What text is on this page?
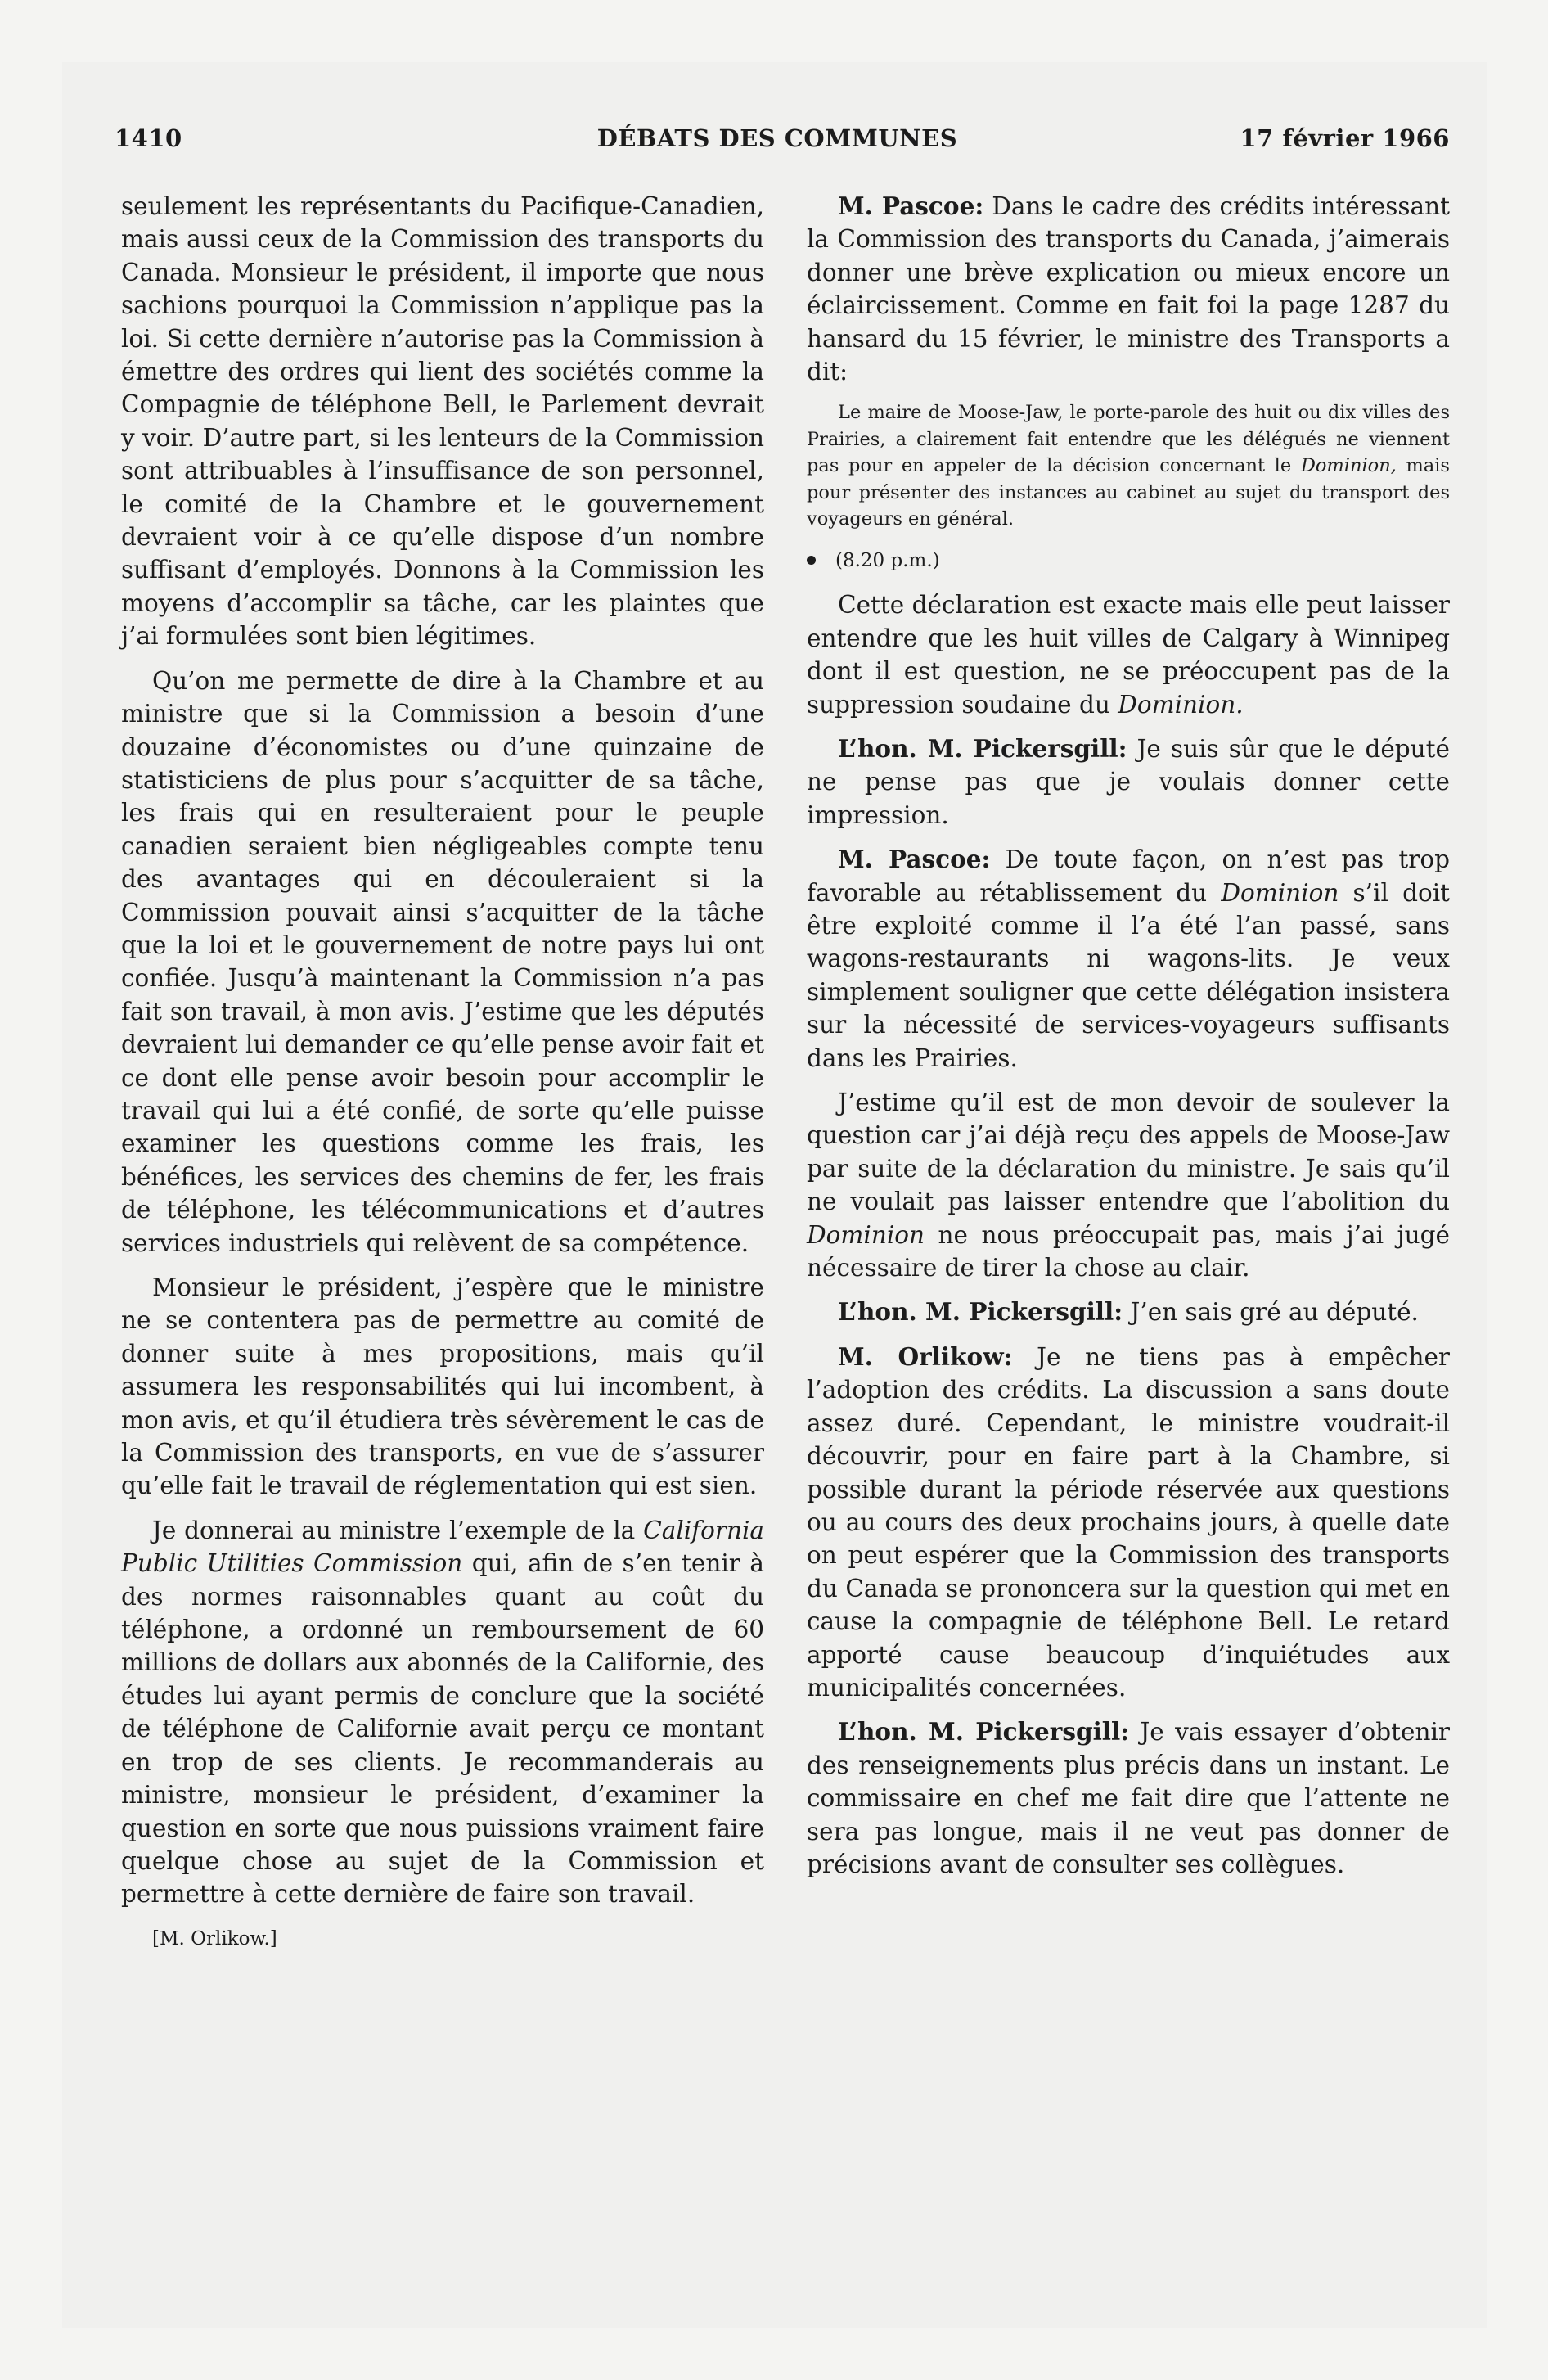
1410	DÉBATS DES COMMUNES	17 février 1966

seulement les représentants du Pacifique-Canadien, mais aussi ceux de la Commission des transports du Canada. Monsieur le président, il importe que nous sachions pourquoi la Commission n’applique pas la loi. Si cette dernière n’autorise pas la Commission à émettre des ordres qui lient des sociétés comme la Compagnie de téléphone Bell, le Parlement devrait y voir. D’autre part, si les lenteurs de la Commission sont attribuables à l’insuffisance de son personnel, le comité de la Chambre et le gouvernement devraient voir à ce qu’elle dispose d’un nombre suffisant d’employés. Donnons à la Commission les moyens d’accomplir sa tâche, car les plaintes que j’ai formulées sont bien légitimes.

Qu’on me permette de dire à la Chambre et au ministre que si la Commission a besoin d’une douzaine d’économistes ou d’une quinzaine de statisticiens de plus pour s’acquitter de sa tâche, les frais qui en resulteraient pour le peuple canadien seraient bien négligeables compte tenu des avantages qui en découleraient si la Commission pouvait ainsi s’acquitter de la tâche que la loi et le gouvernement de notre pays lui ont confiée. Jusqu’à maintenant la Commission n’a pas fait son travail, à mon avis. J’estime que les députés devraient lui demander ce qu’elle pense avoir fait et ce dont elle pense avoir besoin pour accomplir le travail qui lui a été confié, de sorte qu’elle puisse examiner les questions comme les frais, les bénéfices, les services des chemins de fer, les frais de téléphone, les télécommunications et d’autres services industriels qui relèvent de sa compétence.

Monsieur le président, j’espère que le ministre ne se contentera pas de permettre au comité de donner suite à mes propositions, mais qu’il assumera les responsabilités qui lui incombent, à mon avis, et qu’il étudiera très sévèrement le cas de la Commission des transports, en vue de s’assurer qu’elle fait le travail de réglementation qui est sien.

Je donnerai au ministre l’exemple de la California Public Utilities Commission qui, afin de s’en tenir à des normes raisonnables quant au coût du téléphone, a ordonné un remboursement de 60 millions de dollars aux abonnés de la Californie, des études lui ayant permis de conclure que la société de téléphone de Californie avait perçu ce montant en trop de ses clients. Je recommanderais au ministre, monsieur le président, d’examiner la question en sorte que nous puissions vraiment faire quelque chose au sujet de la Commission et permettre à cette dernière de faire son travail.

[M. Orlikow.]

M. Pascoe: Dans le cadre des crédits intéressant la Commission des transports du Canada, j’aimerais donner une brève explication ou mieux encore un éclaircissement. Comme en fait foi la page 1287 du hansard du 15 février, le ministre des Transports a dit:

Le maire de Moose-Jaw, le porte-parole des huit ou dix villes des Prairies, a clairement fait entendre que les délégués ne viennent pas pour en appeler de la décision concernant le Dominion, mais pour présenter des instances au cabinet au sujet du transport des voyageurs en général.

(8.20 p.m.)

Cette déclaration est exacte mais elle peut laisser entendre que les huit villes de Calgary à Winnipeg dont il est question, ne se préoccupent pas de la suppression soudaine du Dominion.

L’hon. M. Pickersgill: Je suis sûr que le député ne pense pas que je voulais donner cette impression.

M. Pascoe: De toute façon, on n’est pas trop favorable au rétablissement du Dominion s’il doit être exploité comme il l’a été l’an passé, sans wagons-restaurants ni wagons-lits. Je veux simplement souligner que cette délégation insistera sur la nécessité de services-voyageurs suffisants dans les Prairies.

J’estime qu’il est de mon devoir de soulever la question car j’ai déjà reçu des appels de Moose-Jaw par suite de la déclaration du ministre. Je sais qu’il ne voulait pas laisser entendre que l’abolition du Dominion ne nous préoccupait pas, mais j’ai jugé nécessaire de tirer la chose au clair.

L’hon. M. Pickersgill: J’en sais gré au député.

M. Orlikow: Je ne tiens pas à empêcher l’adoption des crédits. La discussion a sans doute assez duré. Cependant, le ministre voudrait-il découvrir, pour en faire part à la Chambre, si possible durant la période réservée aux questions ou au cours des deux prochains jours, à quelle date on peut espérer que la Commission des transports du Canada se prononcera sur la question qui met en cause la compagnie de téléphone Bell. Le retard apporté cause beaucoup d’inquiétudes aux municipalités concernées.

L’hon. M. Pickersgill: Je vais essayer d’obtenir des renseignements plus précis dans un instant. Le commissaire en chef me fait dire que l’attente ne sera pas longue, mais il ne veut pas donner de précisions avant de consulter ses collègues.
